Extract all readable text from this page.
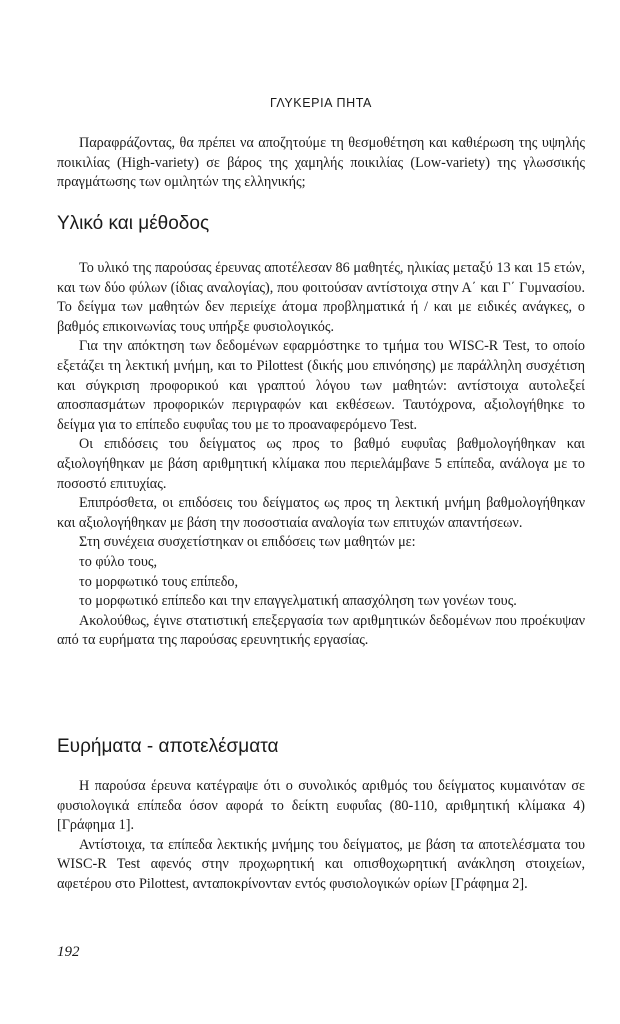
ΓΛΥΚΕΡΙΑ ΠΗΤΑ

Παραφράζοντας, θα πρέπει να αποζητούμε τη θεσμοθέτηση και καθιέρωση της υψηλής ποικιλίας (High-variety) σε βάρος της χαμηλής ποικιλίας (Low-variety) της γλωσσικής πραγμάτωσης των ομιλητών της ελληνικής;

Υλικό και μέθοδος

Το υλικό της παρούσας έρευνας αποτέλεσαν 86 μαθητές, ηλικίας μεταξύ 13 και 15 ετών, και των δύο φύλων (ίδιας αναλογίας), που φοιτούσαν αντίστοιχα στην Α΄ και Γ΄ Γυμνασίου. Το δείγμα των μαθητών δεν περιείχε άτομα προβληματικά ή / και με ειδικές ανάγκες, ο βαθμός επικοινωνίας τους υπήρξε φυσιολογικός.

Για την απόκτηση των δεδομένων εφαρμόστηκε το τμήμα του WISC-R Test, το οποίο εξετάζει τη λεκτική μνήμη, και το Pilottest (δικής μου επινόησης) με παράλληλη συσχέτιση και σύγκριση προφορικού και γραπτού λόγου των μαθητών: αντίστοιχα αυτολεξεί αποσπασμάτων προφορικών περιγραφών και εκθέσεων. Ταυτόχρονα, αξιολογήθηκε το δείγμα για το επίπεδο ευφυΐας του με το προαναφερόμενο Test.

Οι επιδόσεις του δείγματος ως προς το βαθμό ευφυΐας βαθμολογήθηκαν και αξιολογήθηκαν με βάση αριθμητική κλίμακα που περιελάμβανε 5 επίπεδα, ανάλογα με το ποσοστό επιτυχίας.

Επιπρόσθετα, οι επιδόσεις του δείγματος ως προς τη λεκτική μνήμη βαθμολογήθηκαν και αξιολογήθηκαν με βάση την ποσοστιαία αναλογία των επιτυχών απαντήσεων.

Στη συνέχεια συσχετίστηκαν οι επιδόσεις των μαθητών με:

το φύλο τους,

το μορφωτικό τους επίπεδο,

το μορφωτικό επίπεδο και την επαγγελματική απασχόληση των γονέων τους.

Ακολούθως, έγινε στατιστική επεξεργασία των αριθμητικών δεδομένων που προέκυψαν από τα ευρήματα της παρούσας ερευνητικής εργασίας.

Ευρήματα - αποτελέσματα

Η παρούσα έρευνα κατέγραψε ότι ο συνολικός αριθμός του δείγματος κυμαινόταν σε φυσιολογικά επίπεδα όσον αφορά το δείκτη ευφυΐας (80-110, αριθμητική κλίμακα 4) [Γράφημα 1].

Αντίστοιχα, τα επίπεδα λεκτικής μνήμης του δείγματος, με βάση τα αποτελέσματα του WISC-R Test αφενός στην προχωρητική και οπισθοχωρητική ανάκληση στοιχείων, αφετέρου στο Pilottest, ανταποκρίνονταν εντός φυσιολογικών ορίων [Γράφημα 2].

192
